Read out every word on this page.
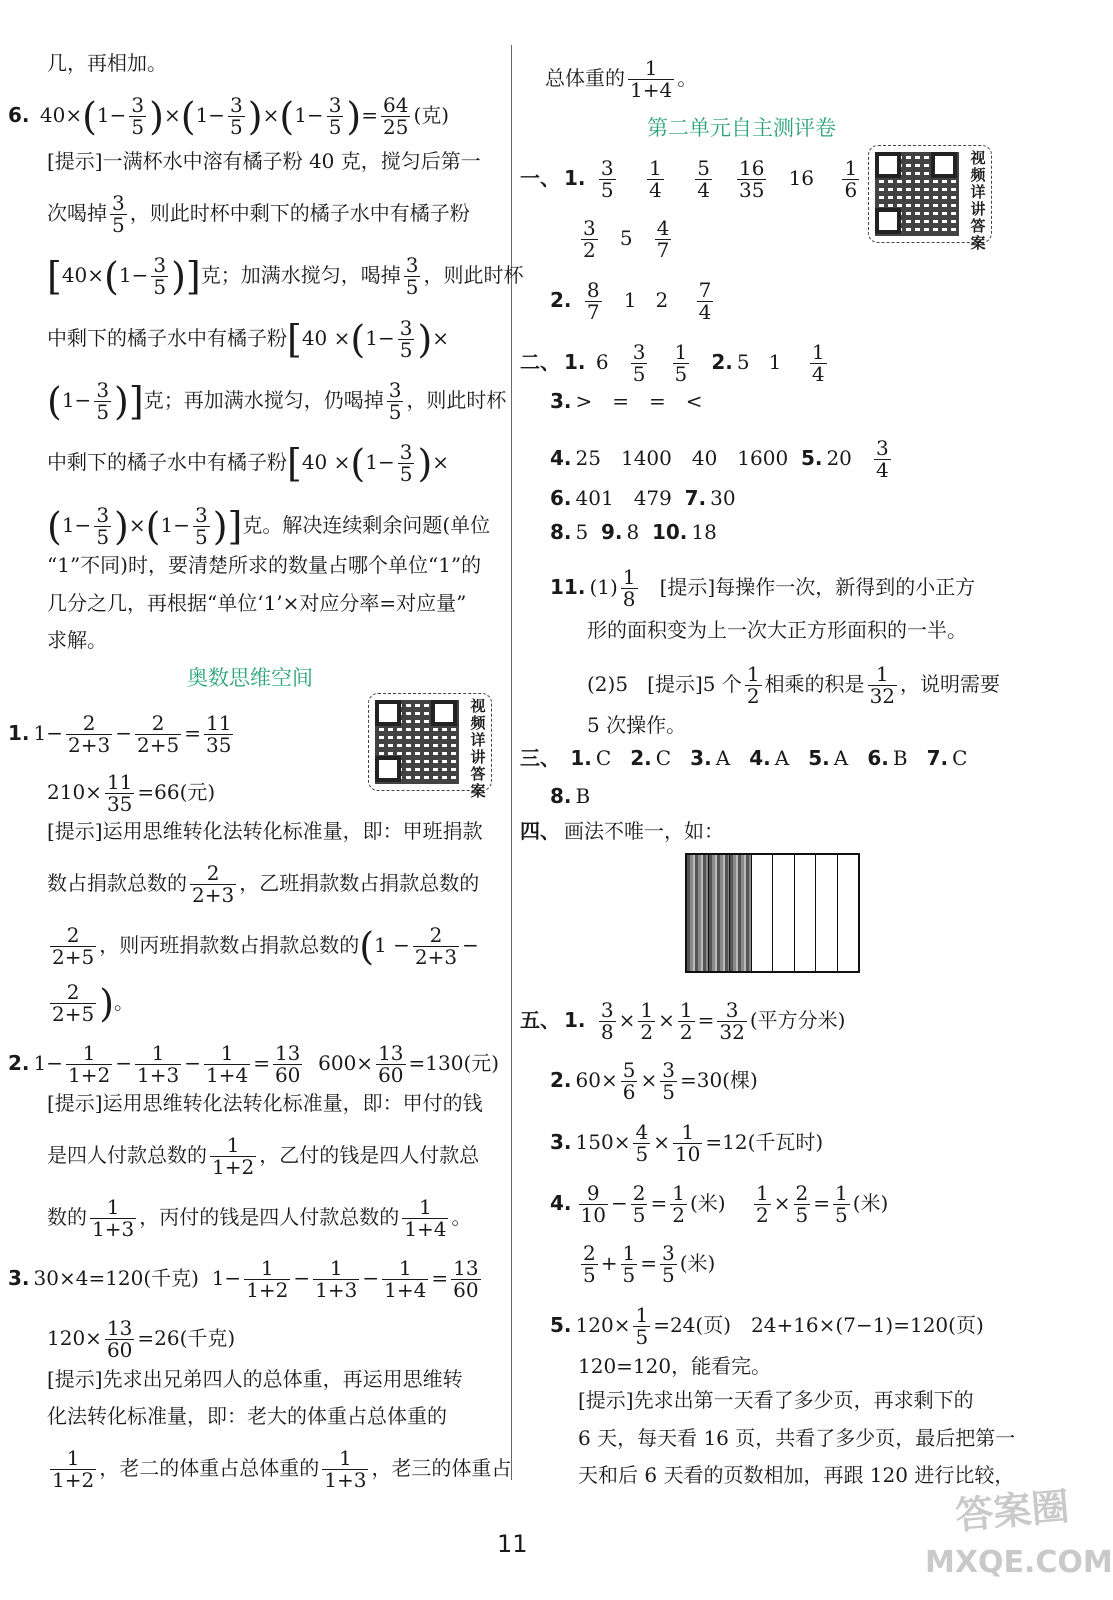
几，再相加。
6. $40\times(1- \frac{3}{5} )\times(1- \frac{3}{5} )\times(1- \frac{3}{5}$ )= $\frac{64}{25}$ (克)
[提示]一满杯水中溶有橘子粉 40 克，搅匀后第一
次喝掉 $\frac{3}{5}$ ，则此时杯中剩下的橘子水中有橘子粉
[$40\times(1- \frac{3}{5}$ )]克；加满水搅匀，喝掉 $\frac{3}{5}$ ，则此时杯
中剩下的橘子水中有橘子粉[$40 \times(1- \frac{3}{5}$ )×
($1- \frac{3}{5}$ )]克；再加满水搅匀，仍喝掉 $\frac{3}{5}$ ，则此时杯
中剩下的橘子水中有橘子粉[$40 \times(1- \frac{3}{5}$ )×
$(1- \frac{3}{5} )\times(1- \frac{3}{5}$ )]克。解决连续剩余问题(单位
“1”不同)时，要清楚所求的数量占哪个单位“1”的
几分之几，再根据“单位‘1’×对应分率=对应量”
求解。
奥数思维空间
视频详讲答案
1. $1- \frac{2}{2+3} - \frac{2}{2+5} = \frac{11}{35}$
$210\times \frac{11}{35} =66$(元)
[提示]运用思维转化法转化标准量，即：甲班捐款
数占捐款总数的 $\frac{2}{2+3}$ ，乙班捐款数占捐款总数的
$\frac{2}{2+5}$ ，则丙班捐款数占捐款总数的($1 - \frac{2}{2+3}$ −
$\frac{2}{2+5}$ )。
2. $1- \frac{1}{1+2} - \frac{1}{1+3} - \frac{1}{1+4} = \frac{13}{60} 600\times \frac{13}{60} =130$(元)
[提示]运用思维转化法转化标准量，即：甲付的钱
是四人付款总数的 $\frac{1}{1+2}$ ，乙付的钱是四人付款总
数的 $\frac{1}{1+3}$ ，丙付的钱是四人付款总数的 $\frac{1}{1+4}$ 。
3. 30×4=120(千克) $1- \frac{1}{1+2} - \frac{1}{1+3} - \frac{1}{1+4} = \frac{13}{60}$
$120\times \frac{13}{60} =26$(千克)
[提示]先求出兄弟四人的总体重，再运用思维转
化法转化标准量，即：老大的体重占总体重的
$\frac{1}{1+2}$ ，老二的体重占总体重的 $\frac{1}{1+3}$ ，老三的体重占
总体重的 $\frac{1}{1+4}$ 。
第二单元自主测评卷
视频详讲答案
一、 1. $\frac{3}{5}$
$\frac{1}{4}$
$\frac{5}{4}$
$\frac{16}{35} 16 \frac{1}{6}$
$\frac{3}{2} 5 \frac{4}{7}$
2. $\frac{8}{7} 1$ $2 \frac{7}{4}$
二、 1. $6 \frac{3}{5}$
$\frac{1}{5} 2$. 5 $1 \frac{1}{4}$
3. >　=　=　<
4. 25　1400　40　1600 5. $20 \frac{3}{4}$
6. 401　479 7. 30
8. 5 9. 8 10. 18
11. $(1) \frac{1}{8}$ [提示]每操作一次，新得到的小正方
形的面积变为上一次大正方形面积的一半。
(2)5 [提示]5 个 $\frac{1}{2}$ 相乘的积是 $\frac{1}{32}$ ，说明需要
5 次操作。
三、 1. C 2. C 3. A 4. A 5. A 6. B 7. C
8. B
四、 画法不唯一，如：
五、 1. $\frac{3}{8} \times \frac{1}{2} \times \frac{1}{2} = \frac{3}{32}$ (平方分米)
2. $60\times \frac{5}{6} \times \frac{3}{5} =30$(棵)
3. $150\times \frac{4}{5} \times \frac{1}{10} =12$(千瓦时)
4. $\frac{9}{10} - \frac{2}{5} = \frac{1}{2}$ (米) $\frac{1}{2} \times \frac{2}{5} = \frac{1}{5}$ (米)
$\frac{2}{5} + \frac{1}{5} = \frac{3}{5}$ (米)
5. $120\times \frac{1}{5} =24$(页)　24+16×(7−1)=120(页)
120=120，能看完。
[提示]先求出第一天看了多少页，再求剩下的
6 天，每天看 16 页，共看了多少页，最后把第一
天和后 6 天看的页数相加，再跟 120 进行比较，
11
答案圈
MXQE.COM
